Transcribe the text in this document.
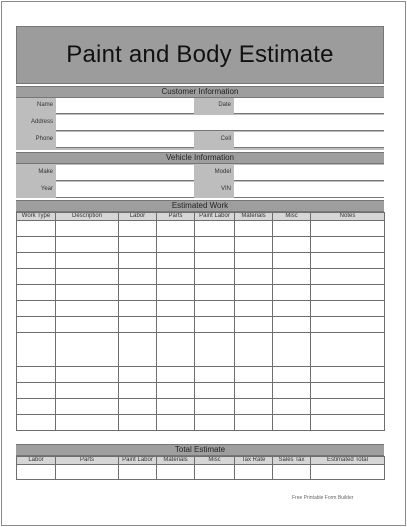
Paint and Body Estimate
Customer Information
Name	Date
Address
Phone	Cell
Vehicle Information
Make	Model
Year	VIN
Estimated Work
Work Type	Description	Labor	Parts	Paint Labor	Materials	Misc	Notes

Total Estimate
Labor	Parts	Paint Labor	Materials	Misc	Tax Rate	Sales Tax	Estimated Total

Free Printable Form Builder
